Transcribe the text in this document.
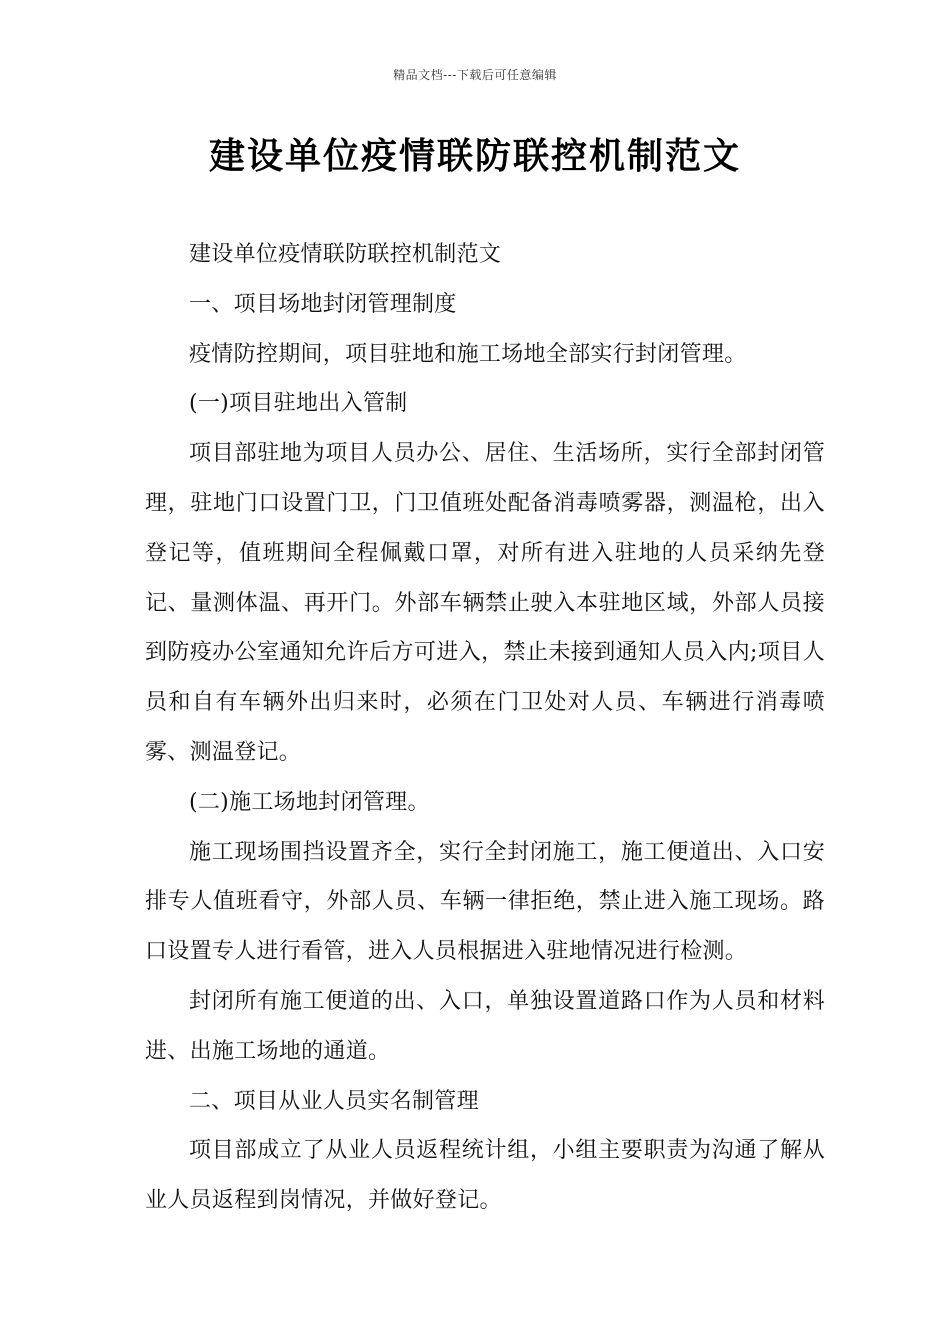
精品文档---下载后可任意编辑
建设单位疫情联防联控机制范文

建设单位疫情联防联控机制范文

一、项目场地封闭管理制度

疫情防控期间，项目驻地和施工场地全部实行封闭管理。

(一)项目驻地出入管制

项目部驻地为项目人员办公、居住、生活场所，实行全部封闭管理，驻地门口设置门卫，门卫值班处配备消毒喷雾器，测温枪，出入登记等，值班期间全程佩戴口罩，对所有进入驻地的人员采纳先登记、量测体温、再开门。外部车辆禁止驶入本驻地区域，外部人员接到防疫办公室通知允许后方可进入，禁止未接到通知人员入内;项目人员和自有车辆外出归来时，必须在门卫处对人员、车辆进行消毒喷雾、测温登记。

(二)施工场地封闭管理。

施工现场围挡设置齐全，实行全封闭施工，施工便道出、入口安排专人值班看守，外部人员、车辆一律拒绝，禁止进入施工现场。路口设置专人进行看管，进入人员根据进入驻地情况进行检测。

封闭所有施工便道的出、入口，单独设置道路口作为人员和材料进、出施工场地的通道。

二、项目从业人员实名制管理

项目部成立了从业人员返程统计组，小组主要职责为沟通了解从业人员返程到岗情况，并做好登记。
